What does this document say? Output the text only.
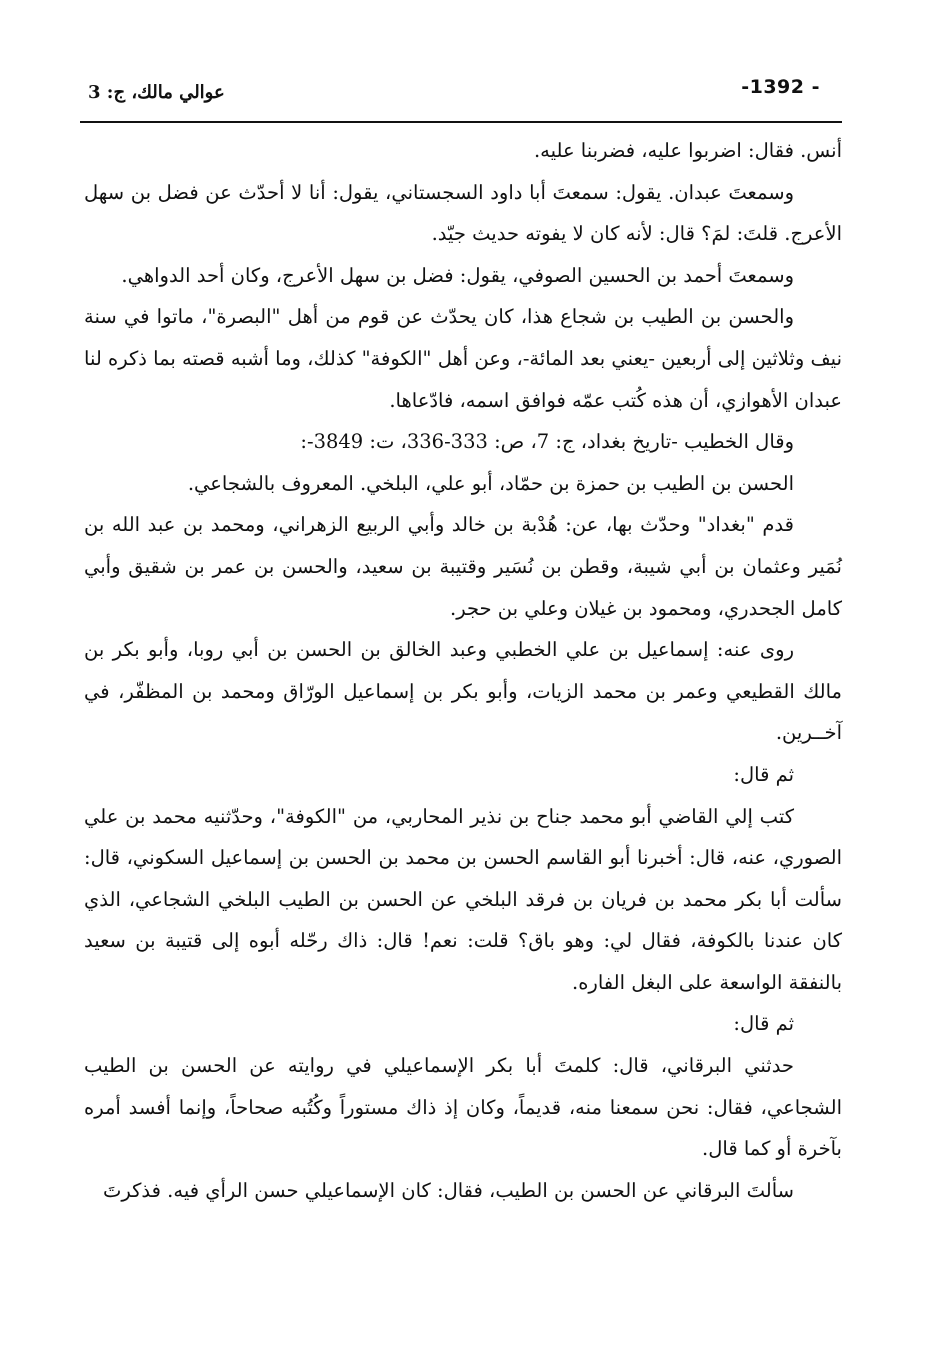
-1392 -
عوالي مالك، ج: 3

أنس. فقال: اضربوا عليه، فضربنا عليه.

وسمعتَ عبدان. يقول: سمعتَ أبا داود السجستاني، يقول: أنا لا أحدّث عن فضل بن سهل الأعرج. قلتَ: لمَ؟ قال: لأنه كان لا يفوته حديث جيّد.

وسمعتَ أحمد بن الحسين الصوفي، يقول: فضل بن سهل الأعرج، وكان أحد الدواهي.

والحسن بن الطيب بن شجاع هذا، كان يحدّث عن قوم من أهل "البصرة"، ماتوا في سنة نيف وثلاثين إلى أربعين -يعني بعد المائة-، وعن أهل "الكوفة" كذلك، وما أشبه قصته بما ذكره لنا عبدان الأهوازي، أن هذه كُتب عمّه فوافق اسمه، فادّعاها.

وقال الخطيب -تاريخ بغداد، ج: 7، ص: 333-336، ت: 3849-:

الحسن بن الطيب بن حمزة بن حمّاد، أبو علي، البلخي. المعروف بالشجاعي.

قدم "بغداد" وحدّث بها، عن: هُدْبة بن خالد وأبي الربيع الزهراني، ومحمد بن عبد الله بن نُمَير وعثمان بن أبي شيبة، وقطن بن نُسَير وقتيبة بن سعيد، والحسن بن عمر بن شقيق وأبي كامل الجحدري، ومحمود بن غيلان وعلي بن حجر.

روى عنه: إسماعيل بن علي الخطبي وعبد الخالق بن الحسن بن أبي روبا، وأبو بكر بن مالك القطيعي وعمر بن محمد الزيات، وأبو بكر بن إسماعيل الورّاق ومحمد بن المظفّر، في آخــرين.

ثم قال:

كتب إلي القاضي أبو محمد جناح بن نذير المحاربي، من "الكوفة"، وحدّثنيه محمد بن علي الصوري، عنه، قال: أخبرنا أبو القاسم الحسن بن محمد بن الحسن بن إسماعيل السكوني، قال: سألت أبا بكر محمد بن فريان بن فرقد البلخي عن الحسن بن الطيب البلخي الشجاعي، الذي كان عندنا بالكوفة، فقال لي: وهو باق؟ قلت: نعم! قال: ذاك رحّله أبوه إلى قتيبة بن سعيد بالنفقة الواسعة على البغل الفاره.

ثم قال:

حدثني البرقاني، قال: كلمتَ أبا بكر الإسماعيلي في روايته عن الحسن بن الطيب الشجاعي، فقال: نحن سمعنا منه، قديماً، وكان إذ ذاك مستوراً وكُتُبه صحاحاً، وإنما أفسد أمره بآخرة أو كما قال.

سألتَ البرقاني عن الحسن بن الطيب، فقال: كان الإسماعيلي حسن الرأي فيه. فذكرتَ
